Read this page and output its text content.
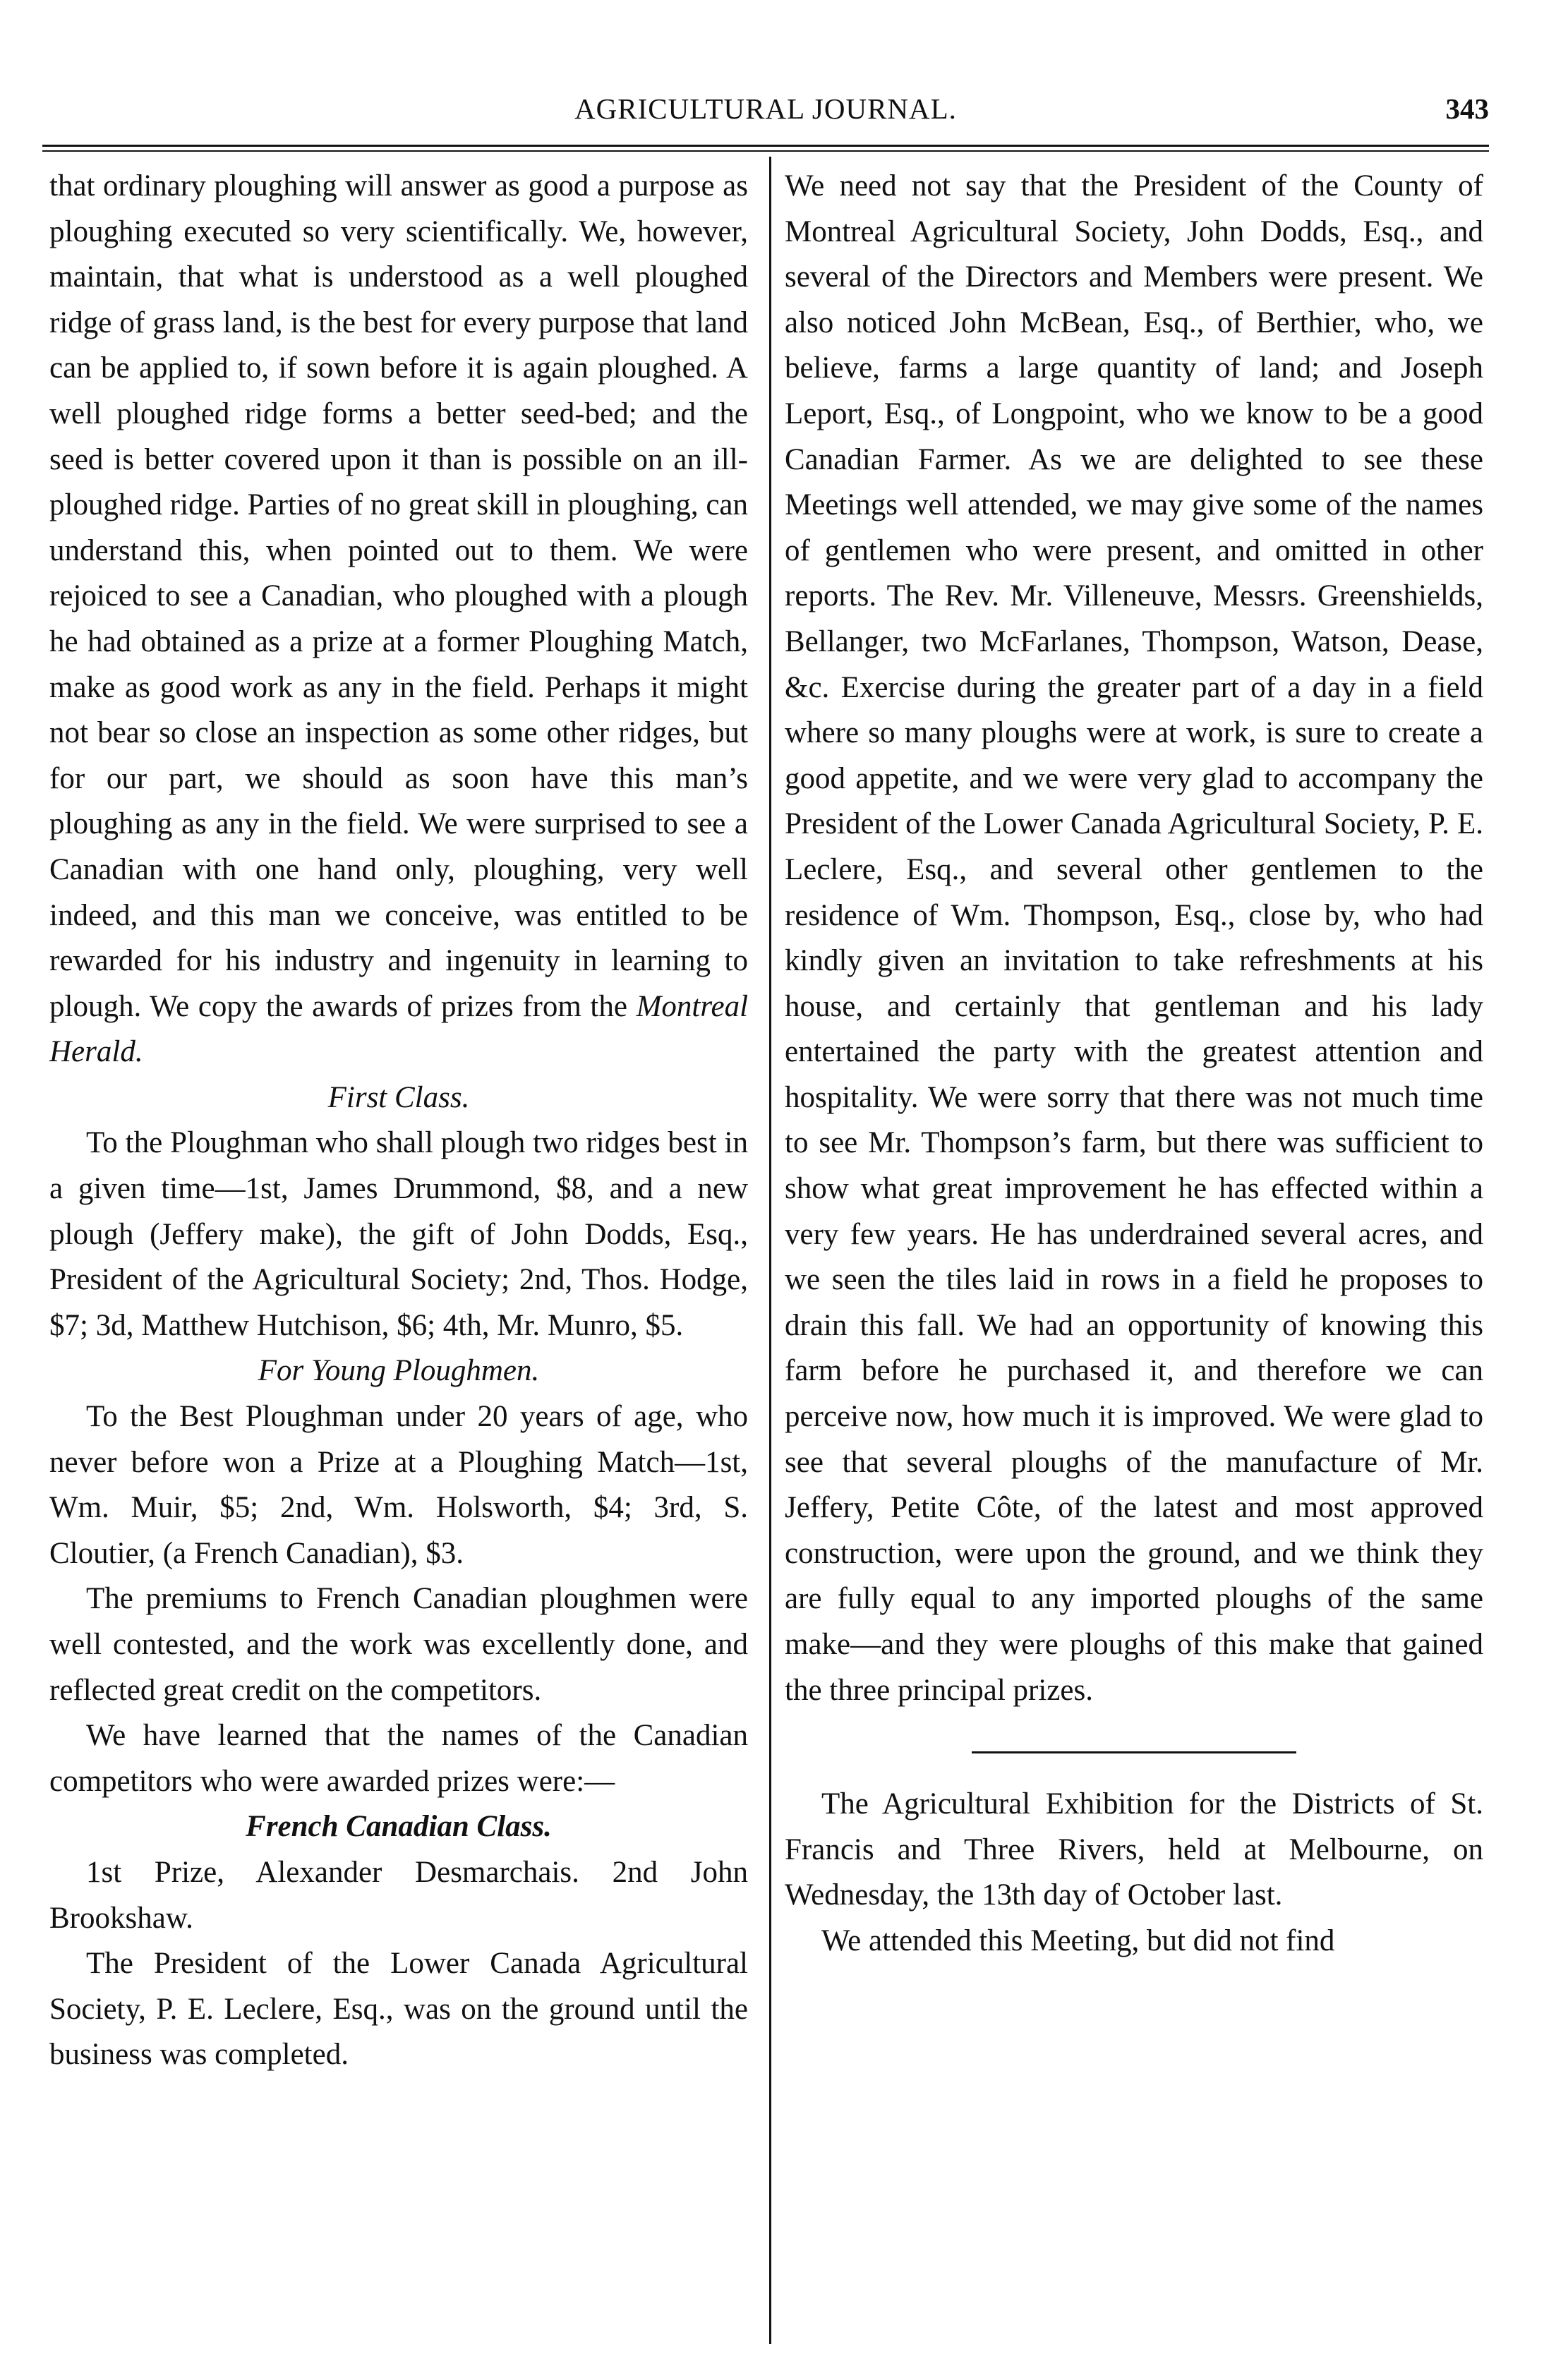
AGRICULTURAL JOURNAL.	343

that ordinary ploughing will answer as good a purpose as ploughing executed so very scientifically. We, however, maintain, that what is understood as a well ploughed ridge of grass land, is the best for every purpose that land can be applied to, if sown before it is again ploughed. A well ploughed ridge forms a better seed-bed; and the seed is better covered upon it than is possible on an ill-ploughed ridge. Parties of no great skill in ploughing, can understand this, when pointed out to them. We were rejoiced to see a Canadian, who ploughed with a plough he had obtained as a prize at a former Ploughing Match, make as good work as any in the field. Perhaps it might not bear so close an inspection as some other ridges, but for our part, we should as soon have this man’s ploughing as any in the field. We were surprised to see a Canadian with one hand only, ploughing, very well indeed, and this man we conceive, was entitled to be rewarded for his industry and ingenuity in learning to plough. We copy the awards of prizes from the Montreal Herald.

First Class.

To the Ploughman who shall plough two ridges best in a given time—1st, James Drummond, $8, and a new plough (Jeffery make), the gift of John Dodds, Esq., President of the Agricultural Society; 2nd, Thos. Hodge, $7; 3d, Matthew Hutchison, $6; 4th, Mr. Munro, $5.

For Young Ploughmen.

To the Best Ploughman under 20 years of age, who never before won a Prize at a Ploughing Match—1st, Wm. Muir, $5; 2nd, Wm. Holsworth, $4; 3rd, S. Cloutier, (a French Canadian), $3.

The premiums to French Canadian ploughmen were well contested, and the work was excellently done, and reflected great credit on the competitors.

We have learned that the names of the Canadian competitors who were awarded prizes were:—

French Canadian Class.

1st Prize, Alexander Desmarchais. 2nd John Brookshaw.

The President of the Lower Canada Agricultural Society, P. E. Leclere, Esq., was on the ground until the business was completed.

We need not say that the President of the County of Montreal Agricultural Society, John Dodds, Esq., and several of the Directors and Members were present. We also noticed John McBean, Esq., of Berthier, who, we believe, farms a large quantity of land; and Joseph Leport, Esq., of Longpoint, who we know to be a good Canadian Farmer. As we are delighted to see these Meetings well attended, we may give some of the names of gentlemen who were present, and omitted in other reports. The Rev. Mr. Villeneuve, Messrs. Greenshields, Bellanger, two McFarlanes, Thompson, Watson, Dease, &c. Exercise during the greater part of a day in a field where so many ploughs were at work, is sure to create a good appetite, and we were very glad to accompany the President of the Lower Canada Agricultural Society, P. E. Leclere, Esq., and several other gentlemen to the residence of Wm. Thompson, Esq., close by, who had kindly given an invitation to take refreshments at his house, and certainly that gentleman and his lady entertained the party with the greatest attention and hospitality. We were sorry that there was not much time to see Mr. Thompson’s farm, but there was sufficient to show what great improvement he has effected within a very few years. He has underdrained several acres, and we seen the tiles laid in rows in a field he proposes to drain this fall. We had an opportunity of knowing this farm before he purchased it, and therefore we can perceive now, how much it is improved. We were glad to see that several ploughs of the manufacture of Mr. Jeffery, Petite Côte, of the latest and most approved construction, were upon the ground, and we think they are fully equal to any imported ploughs of the same make—and they were ploughs of this make that gained the three principal prizes.

The Agricultural Exhibition for the Districts of St. Francis and Three Rivers, held at Melbourne, on Wednesday, the 13th day of October last.

We attended this Meeting, but did not find
